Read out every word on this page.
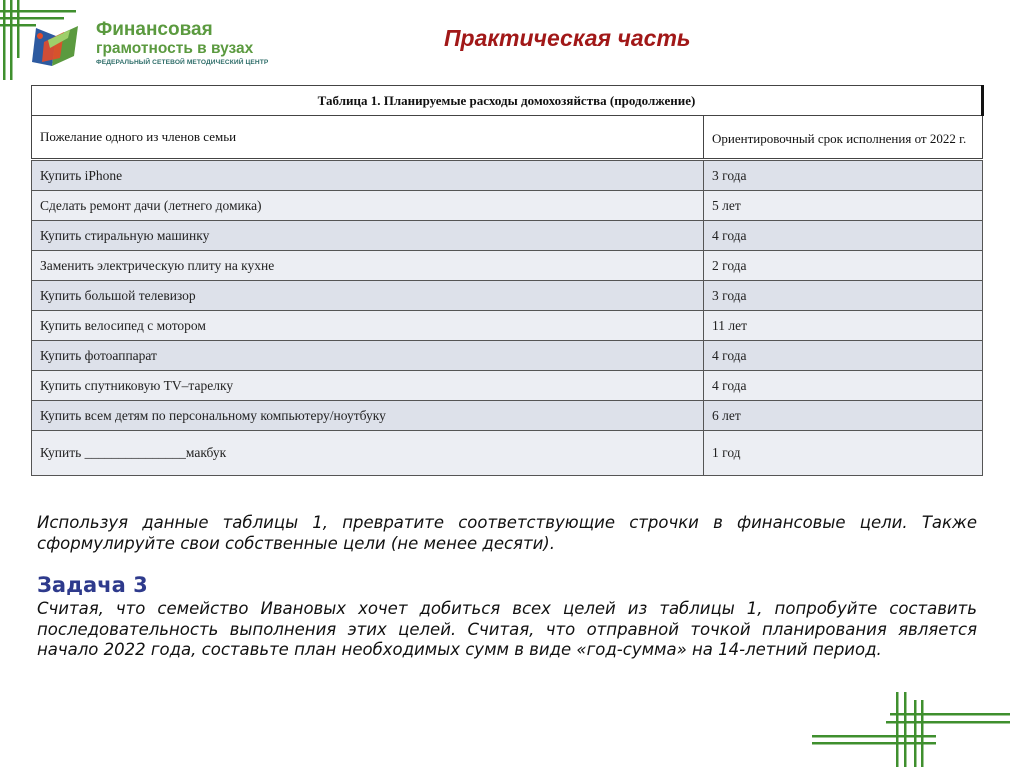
Финансовая
грамотность в вузах
ФЕДЕРАЛЬНЫЙ СЕТЕВОЙ МЕТОДИЧЕСКИЙ ЦЕНТР
Практическая часть
Таблица 1. Планируемые расходы домохозяйства (продолжение)
Пожелание одного из членов семьи	Ориентировочный срок исполнения от 2022 г.
Купить iPhone	3 года
Сделать ремонт дачи (летнего домика)	5 лет
Купить стиральную машинку	4 года
Заменить электрическую плиту на кухне	2 года
Купить большой телевизор	3 года
Купить велосипед с мотором	11 лет
Купить фотоаппарат	4 года
Купить спутниковую TV–тарелку	4 года
Купить всем детям по персональному компьютеру/ноутбуку	6 лет
Купить _______________макбук	1 год

Используя данные таблицы 1, превратите соответствующие строчки в финансовые цели. Также сформулируйте свои собственные цели (не менее десяти).

Задача 3

Считая, что семейство Ивановых хочет добиться всех целей из таблицы 1, попробуйте составить последовательность выполнения этих целей. Считая, что отправной точкой планирования является начало 2022 года, составьте план необходимых сумм в виде «год-сумма» на 14-летний период.
